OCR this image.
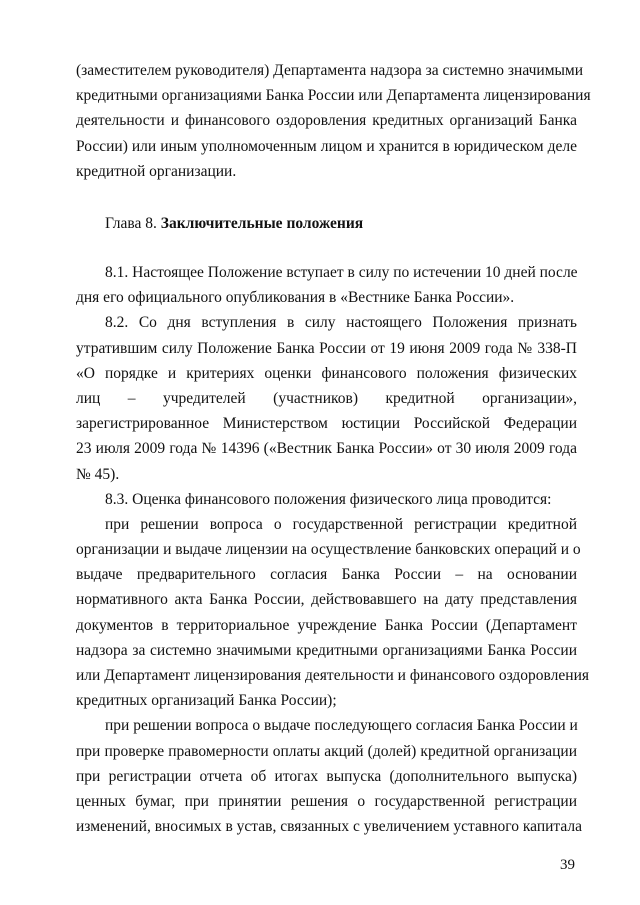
(заместителем руководителя) Департамента надзора за системно значимыми
кредитными организациями Банка России или Департамента лицензирования
деятельности и финансового оздоровления кредитных организаций Банка
России) или иным уполномоченным лицом и хранится в юридическом деле
кредитной организации.
Глава 8. Заключительные положения
8.1. Настоящее Положение вступает в силу по истечении 10 дней после
дня его официального опубликования в «Вестнике Банка России».
8.2. Со дня вступления в силу настоящего Положения признать
утратившим силу Положение Банка России от 19 июня 2009 года № 338-П
«О порядке и критериях оценки финансового положения физических
лиц – учредителей (участников) кредитной организации»,
зарегистрированное Министерством юстиции Российской Федерации
23 июля 2009 года № 14396 («Вестник Банка России» от 30 июля 2009 года
№ 45).
8.3. Оценка финансового положения физического лица проводится:
при решении вопроса о государственной регистрации кредитной
организации и выдаче лицензии на осуществление банковских операций и о
выдаче предварительного согласия Банка России – на основании
нормативного акта Банка России, действовавшего на дату представления
документов в территориальное учреждение Банка России (Департамент
надзора за системно значимыми кредитными организациями Банка России
или Департамент лицензирования деятельности и финансового оздоровления
кредитных организаций Банка России);
при решении вопроса о выдаче последующего согласия Банка России и
при проверке правомерности оплаты акций (долей) кредитной организации
при регистрации отчета об итогах выпуска (дополнительного выпуска)
ценных бумаг, при принятии решения о государственной регистрации
изменений, вносимых в устав, связанных с увеличением уставного капитала
39
